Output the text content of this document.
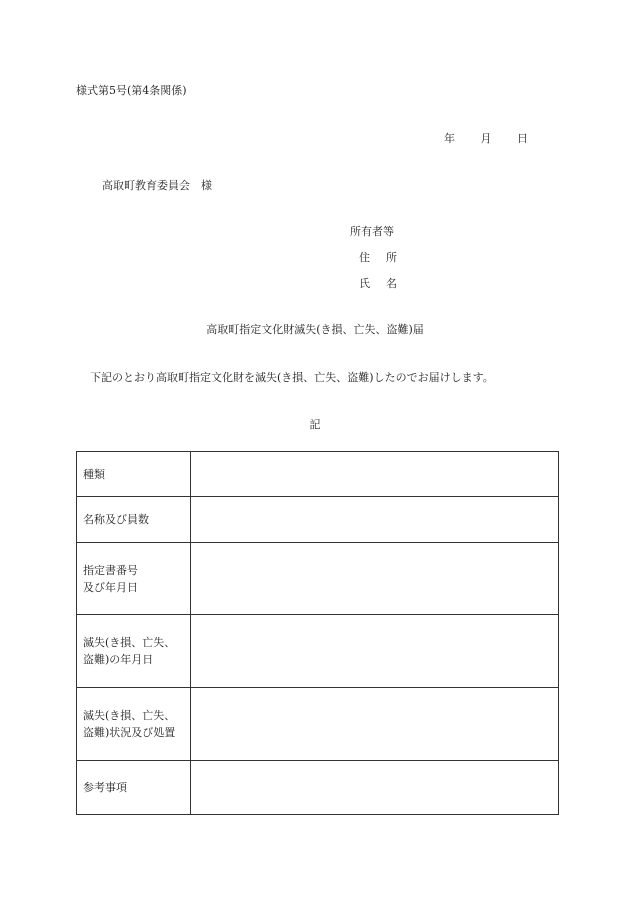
様式第5号(第4条関係)
年 月 日
高取町教育委員会　様
所有者等
住 所
氏 名
高取町指定文化財滅失(き損、亡失、盗難)届
下記のとおり高取町指定文化財を滅失(き損、亡失、盗難)したのでお届けします。
記
種類	

名称及び員数	

指定書番号
及び年月日	

滅失(き損、亡失、
盗難)の年月日	

滅失(き損、亡失、
盗難)状況及び処置	

参考事項	
